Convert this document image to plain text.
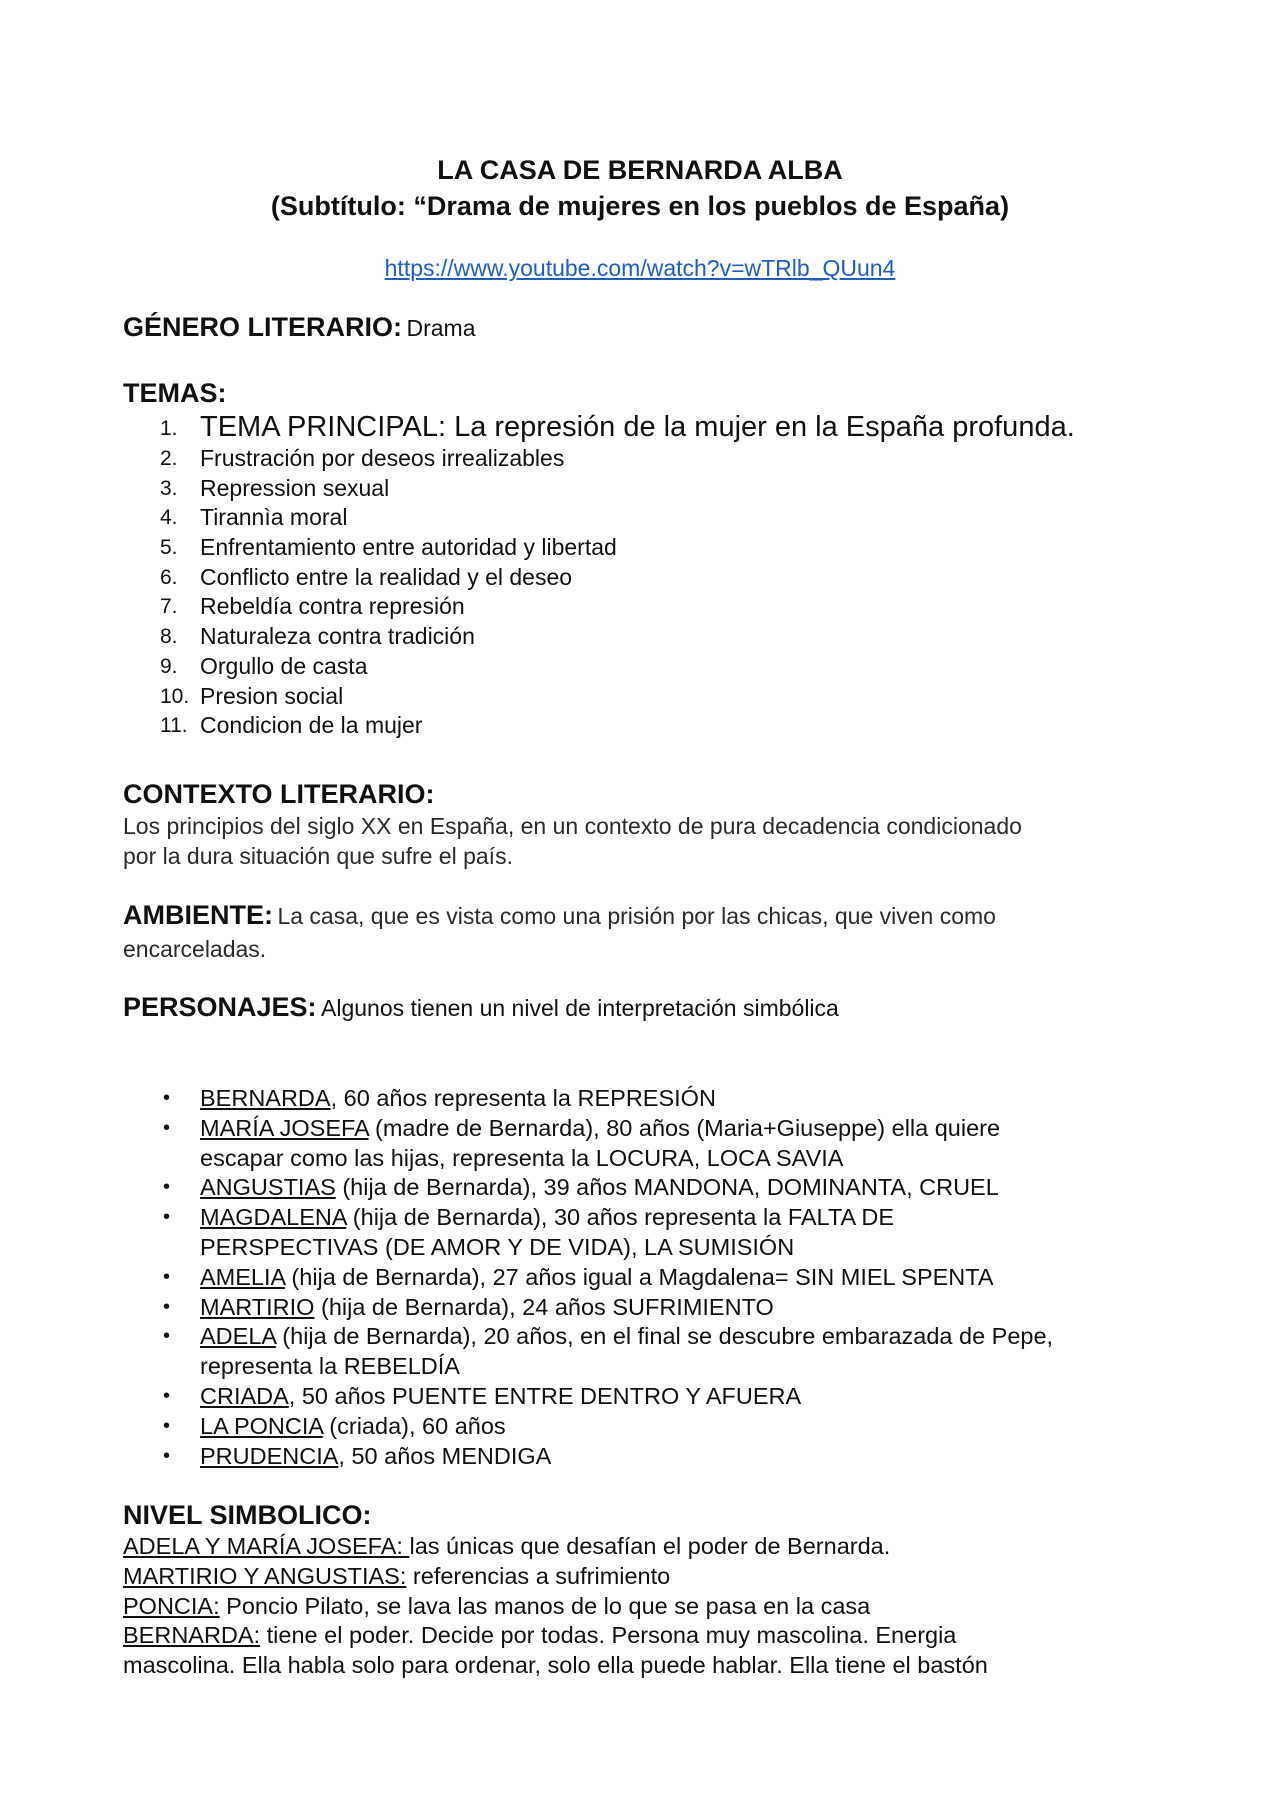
LA CASA DE BERNARDA ALBA
(Subtítulo: “Drama de mujeres en los pueblos de España)
https://www.youtube.com/watch?v=wTRlb_QUun4
GÉNERO LITERARIO: Drama
TEMAS:
1. TEMA PRINCIPAL: La represión de la mujer en la España profunda.
2. Frustración por deseos irrealizables
3. Repression sexual
4. Tirannìa moral
5. Enfrentamiento entre autoridad y libertad
6. Conflicto entre la realidad y el deseo
7. Rebeldía contra represión
8. Naturaleza contra tradición
9. Orgullo de casta
10. Presion social
11. Condicion de la mujer
CONTEXTO LITERARIO:
Los principios del siglo XX en España, en un contexto de pura decadencia condicionado
por la dura situación que sufre el país.
AMBIENTE: La casa, que es vista como una prisión por las chicas, que viven como
encarceladas.
PERSONAJES: Algunos tienen un nivel de interpretación simbólica
• BERNARDA, 60 años representa la REPRESIÓN
• MARÍA JOSEFA (madre de Bernarda), 80 años (Maria+Giuseppe) ella quiere
escapar como las hijas, representa la LOCURA, LOCA SAVIA
• ANGUSTIAS (hija de Bernarda), 39 años MANDONA, DOMINANTA, CRUEL
• MAGDALENA (hija de Bernarda), 30 años representa la FALTA DE
PERSPECTIVAS (DE AMOR Y DE VIDA), LA SUMISIÓN
• AMELIA (hija de Bernarda), 27 años igual a Magdalena= SIN MIEL SPENTA
• MARTIRIO (hija de Bernarda), 24 años SUFRIMIENTO
• ADELA (hija de Bernarda), 20 años, en el final se descubre embarazada de Pepe,
representa la REBELDÍA
• CRIADA, 50 años PUENTE ENTRE DENTRO Y AFUERA
• LA PONCIA (criada), 60 años
• PRUDENCIA, 50 años MENDIGA
NIVEL SIMBOLICO:
ADELA Y MARÍA JOSEFA: las únicas que desafían el poder de Bernarda.
MARTIRIO Y ANGUSTIAS: referencias a sufrimiento
PONCIA: Poncio Pilato, se lava las manos de lo que se pasa en la casa
BERNARDA: tiene el poder. Decide por todas. Persona muy mascolina. Energia
mascolina. Ella habla solo para ordenar, solo ella puede hablar. Ella tiene el bastón
